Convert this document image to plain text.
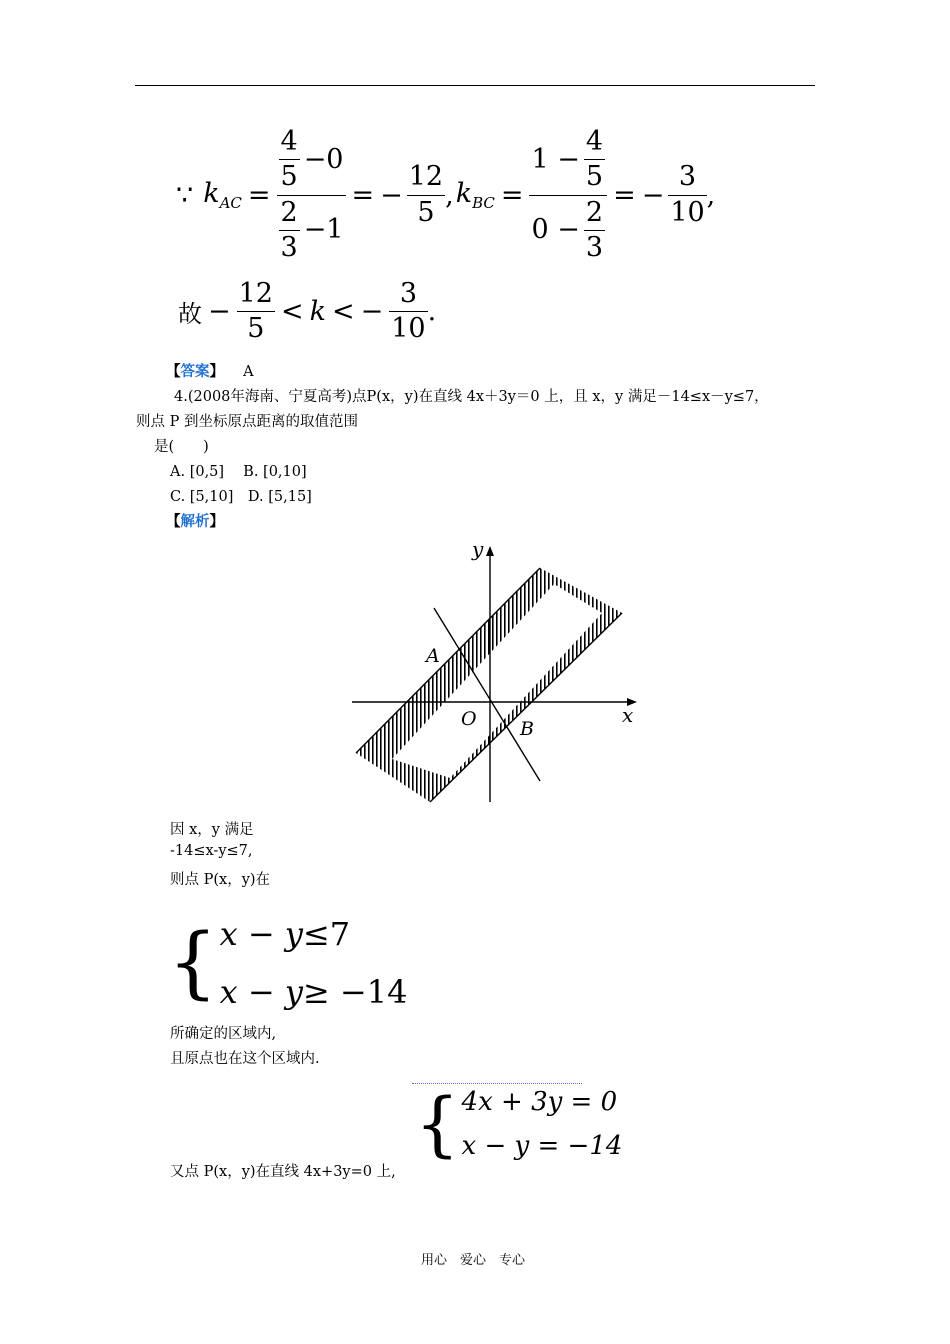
∵ $k_{AC} = \frac{\frac{4}{5} -0}{\frac{2}{3} -1}$ = − $\frac{12}{5}$ , $k_{BC} = \frac{1 - \frac{4}{5}}{0 - \frac{2}{3}}$ = − $\frac{3}{10}$ ,
故 − $\frac{12}{5} < k$ < − $\frac{3}{10}$ .
【答案】 A
4.(2008年海南、宁夏高考)点P(x，y)在直线 4x＋3y＝0 上，且 x，y 满足－14≤x－y≤7，
则点 P 到坐标原点距离的取值范围
是(　　)
A. [0,5]　 B. [0,10]
C. [5,10]　D. [5,15]
【解析】
y
x
O
A
B
因 x，y 满足
-14≤x-y≤7,
则点 P(x，y)在
{ x − y≤7
x − y≥ −14
所确定的区域内,
且原点也在这个区域内.
{ 4x + 3y = 0
x − y = −14
又点 P(x，y)在直线 4x+3y=0 上,
用心　爱心　专心
